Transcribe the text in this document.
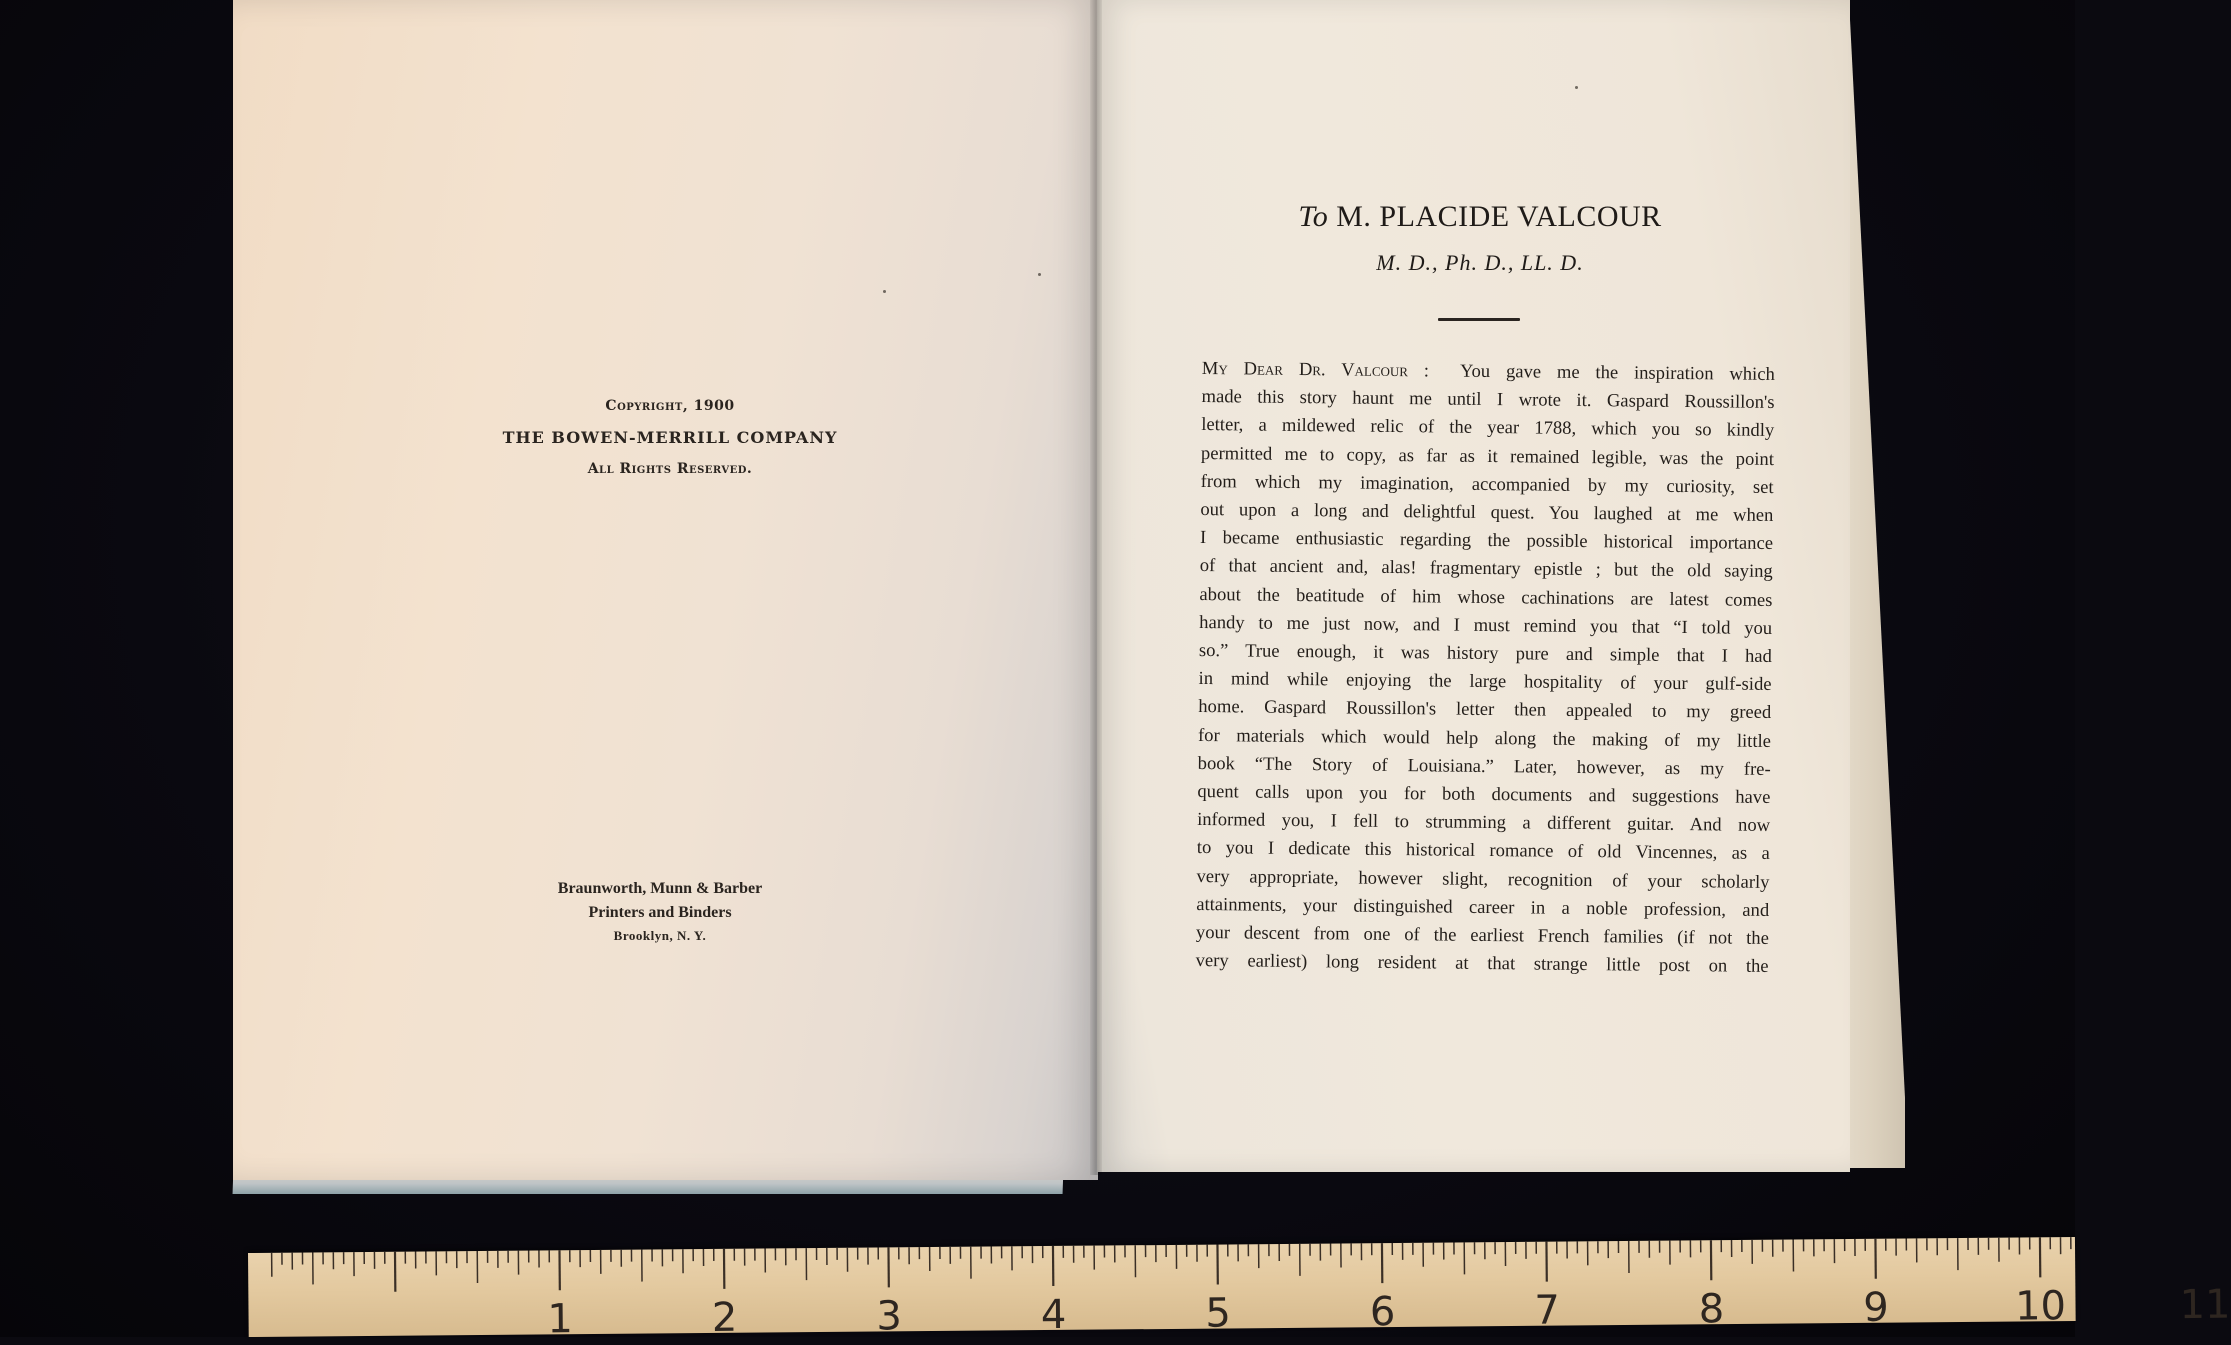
Copyright, 1900
THE BOWEN-MERRILL COMPANY
All Rights Reserved.
Braunworth, Munn & Barber
Printers and Binders
Brooklyn, N. Y.
To M. PLACIDE VALCOUR
M. D., Ph. D., LL. D.
My Dear Dr. Valcour : You gave me the inspiration which
made this story haunt me until I wrote it. Gaspard Roussillon's
letter, a mildewed relic of the year 1788, which you so kindly
permitted me to copy, as far as it remained legible, was the point
from which my imagination, accompanied by my curiosity, set
out upon a long and delightful quest. You laughed at me when
I became enthusiastic regarding the possible historical importance
of that ancient and, alas! fragmentary epistle ; but the old saying
about the beatitude of him whose cachinations are latest comes
handy to me just now, and I must remind you that “I told you
so.” True enough, it was history pure and simple that I had
in mind while enjoying the large hospitality of your gulf-side
home. Gaspard Roussillon's letter then appealed to my greed
for materials which would help along the making of my little
book “The Story of Louisiana.” Later, however, as my fre-
quent calls upon you for both documents and suggestions have
informed you, I fell to strumming a different guitar. And now
to you I dedicate this historical romance of old Vincennes, as a
very appropriate, however slight, recognition of your scholarly
attainments, your distinguished career in a noble profession, and
your descent from one of the earliest French families (if not the
very earliest) long resident at that strange little post on the
1	2	3	4	5	6	7	8	9	10	11
